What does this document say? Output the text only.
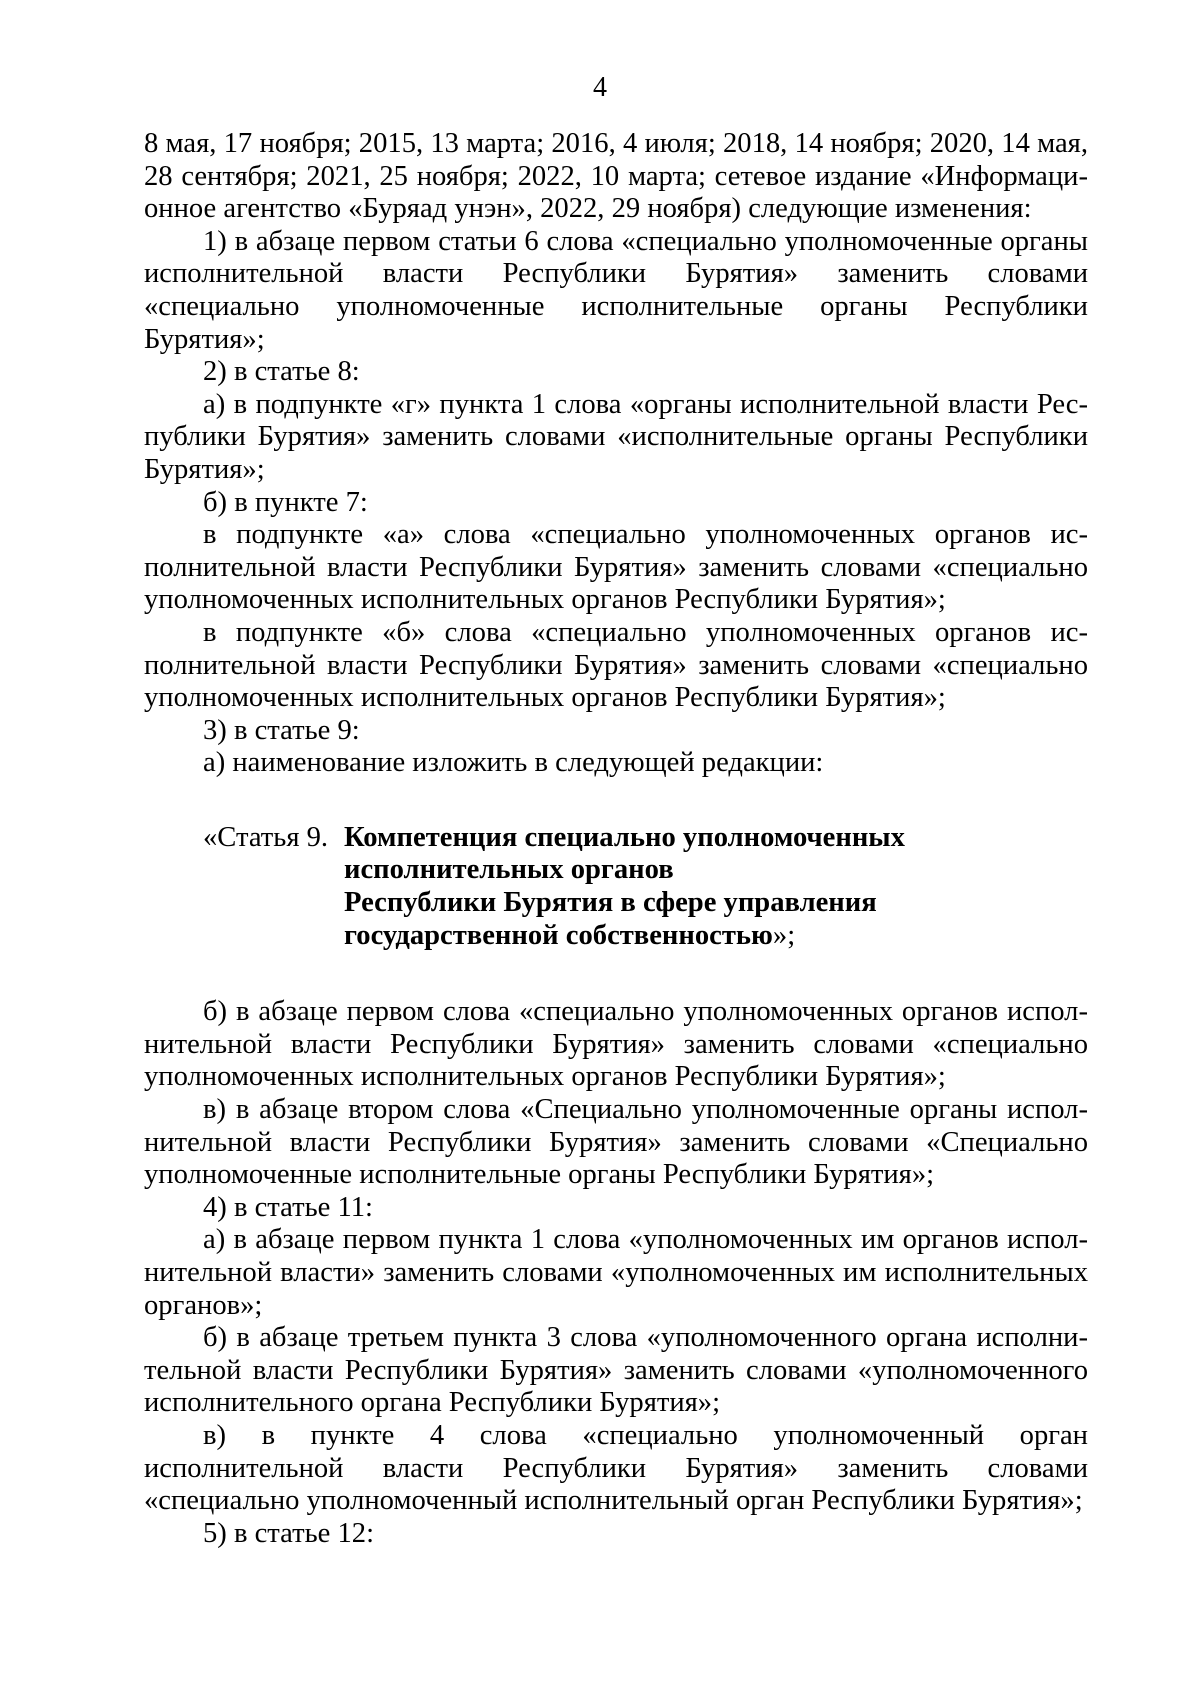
4

8 мая, 17 ноября; 2015, 13 марта; 2016, 4 июля; 2018, 14 ноября; 2020, 14 мая, 28 сентября; 2021, 25 ноября; 2022, 10 марта; сетевое издание «Информационное агентство «Буряад унэн», 2022, 29 ноября) следующие изменения:

1) в абзаце первом статьи 6 слова «специально уполномоченные органы исполнительной власти Республики Бурятия» заменить словами «специально уполномоченные исполнительные органы Республики Бурятия»;

2) в статье 8:

а) в подпункте «г» пункта 1 слова «органы исполнительной власти Республики Бурятия» заменить словами «исполнительные органы Республики Бурятия»;

б) в пункте 7:

в подпункте «а» слова «специально уполномоченных органов исполнительной власти Республики Бурятия» заменить словами «специально уполномоченных исполнительных органов Республики Бурятия»;

в подпункте «б» слова «специально уполномоченных органов исполнительной власти Республики Бурятия» заменить словами «специально уполномоченных исполнительных органов Республики Бурятия»;

3) в статье 9:

а) наименование изложить в следующей редакции:

«Статья 9. Компетенция специально уполномоченных
исполнительных органов
Республики Бурятия в сфере управления
государственной собственностью»;

б) в абзаце первом слова «специально уполномоченных органов исполнительной власти Республики Бурятия» заменить словами «специально уполномоченных исполнительных органов Республики Бурятия»;

в) в абзаце втором слова «Специально уполномоченные органы исполнительной власти Республики Бурятия» заменить словами «Специально уполномоченные исполнительные органы Республики Бурятия»;

4) в статье 11:

а) в абзаце первом пункта 1 слова «уполномоченных им органов исполнительной власти» заменить словами «уполномоченных им исполнительных органов»;

б) в абзаце третьем пункта 3 слова «уполномоченного органа исполнительной власти Республики Бурятия» заменить словами «уполномоченного исполнительного органа Республики Бурятия»;

в) в пункте 4 слова «специально уполномоченный орган исполнительной власти Республики Бурятия» заменить словами «специально уполномоченный исполнительный орган Республики Бурятия»;

5) в статье 12:
